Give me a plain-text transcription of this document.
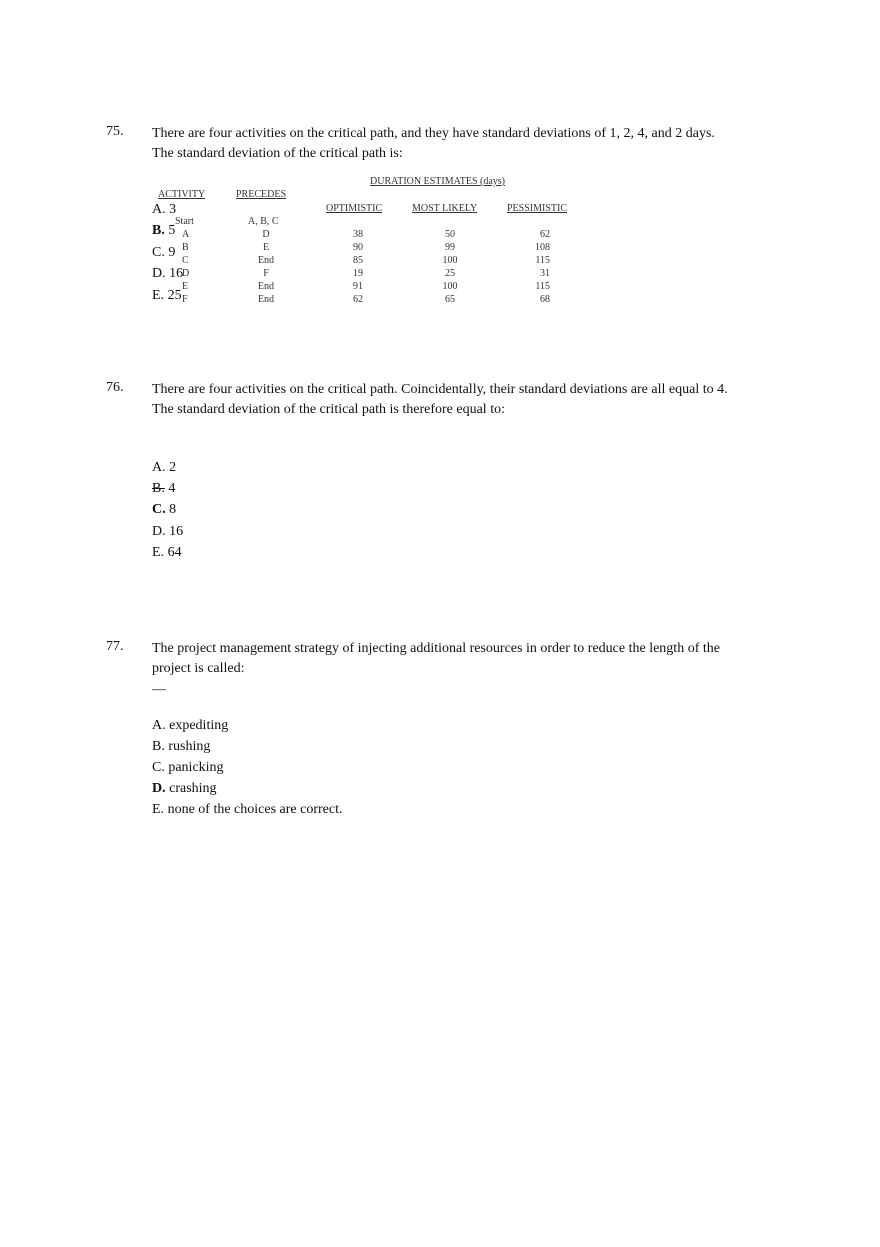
75. There are four activities on the critical path, and they have standard deviations of 1, 2, 4, and 2 days.
The standard deviation of the critical path is:
DURATION ESTIMATES (days)
ACTIVITY	PRECEDES
OPTIMISTIC	MOST LIKELY	PESSIMISTIC
Start	A, B, C
A	D	38	50	62
B	E	90	99	108
C	End	85	100	115
D	F	19	25	31
E	End	91	100	115
F	End	62	65	68
A. 3
B. 5
C. 9
D. 16
E. 25
76. There are four activities on the critical path. Coincidentally, their standard deviations are all equal to 4.
The standard deviation of the critical path is therefore equal to:
A. 2
B. 4
C. 8
D. 16
E. 64
77. The project management strategy of injecting additional resources in order to reduce the length of the
project is called:
—
A. expediting
B. rushing
C. panicking
D. crashing
E. none of the choices are correct.
